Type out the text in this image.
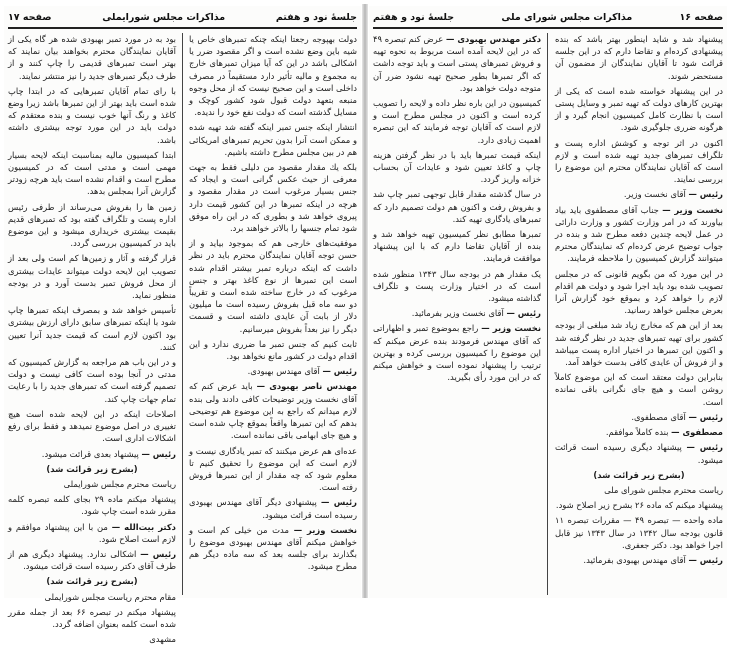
جلسهٔ نود و هفتم
مذاکرات مجلس شورایملی
صفحه ۱۷

دولت بهپوجه رجعتا اینکه چنکه تمبرهای خاص یا شیه باین وضع نشده است و اگر مقصود ضرر یا اشکالی باشد در این که آیا میزان تمبرهای خارج به مجموع و مالیه تأثیر دارد مستقیماً در مصرف داخلی است و این صحیح نیست که از محل وجوه منبعه بتعهد دولت قبول شود کشور کوچک و مسایل گذشته است که دولت نفع خود را ندیده.

انتشار اینکه جنس تمبر اینکه گفته شد تهیه شده و ممکن است آنرا بدون تحریم تمبرهای امریکائی هم در بین مجلس مطرح داشته باشیم.

بلکه یك مقدار مقصود من دلیلی فقط به جهت معرفی از حیث عکس گرانی است و ایجاد که جنس بسیار مرغوب است در مقدار مقصود و هرچه در اینکه تمبرها در این کشور قیمت دارد پیروی خواهد شد و بطوری که در این راه موفق شود تمام جنسها را بالاتر خواهند برد.

موفقیت‌های خارجی هم که بموجود بیاید و از حسن توجه آقایان نمایندگان محترم باید در نظر داشت که اینکه درباره تمبر بیشتر اقدام شده است این تمبرها از نوع کاغذ بهتر و جنس مرغوب که در خارج ساخته شده است و تقریباً دو سه ماه قبل بفروش رسیده است ما میلیون دلار از بابت آن عایدی داشته است و قسمت دیگر را نیز بعداً بفروش میرسانیم.

ثابت کنیم که جنس تمبر ما ضرری ندارد و این اقدام دولت در کشور مانع نخواهد بود.

رئیس — آقای مهندس بهبودی.

مهندس ناصر بهبودی — باید عرض کنم که آقای نخست وزیر توضیحات کافی دادند ولی بنده لازم میدانم که راجع به این موضوع هم توضیحی بدهم که این تمبرها واقعاً بموقع چاپ شده است و هیچ جای ابهامی باقی نمانده است.

عده‌ای هم عرض میکنند که تمبر یادگاری نیست و لازم است که این موضوع را تحقیق کنیم تا معلوم شود که چه مقدار از این تمبرها فروش رفته است.

رئیس — پیشنهادی دیگر آقای مهندس بهبودی رسیده است قرائت میشود.

نخست وزیر — مدت من خیلی کم است و خواهش میکنم آقای مهندس بهبودی موضوع را بگذارند برای جلسه بعد که سه ماده دیگر هم مطرح میشود.

بود به در مورد تمبر بهبودی شده هر گاه یکی از آقایان نمایندگان محترم بخواهند بیان نمایند که بهتر است تمبرهای قدیمی را چاپ کنند و از طرف دیگر تمبرهای جدید را نیز منتشر نمایند.

با رای تمام آقایان تمبرهایی که در ابتدا چاپ شده است باید بهتر از این تمبرها باشد زیرا وضع کاغذ و رنگ آنها خوب نیست و بنده معتقدم که دولت باید در این مورد توجه بیشتری داشته باشد.

ابتدا کمیسیون مالیه بمناسبت اینکه لایحه بسیار مهمی است و مدتی است که در کمیسیون مطرح است و اقدام نشده است باید هرچه زودتر گزارش آنرا بمجلس بدهد.

زمین ها را بفروش می‌رساند از طرفی رئیس اداره پست و تلگراف گفته بود که تمبرهای قدیم بقیمت بیشتری خریداری میشود و این موضوع باید در کمیسیون بررسی گردد.

قرار گرفته و آثار و زمین‌ها کم است ولی بعد از تصویب این لایحه دولت میتواند عایدات بیشتری از محل فروش تمبر بدست آورد و در بودجه منظور نماید.

تأسیس خواهد شد و بمصرف اینکه تمبرها چاپ شود با اینکه تمبرهای سابق دارای ارزش بیشتری بود اکنون لازم است که قیمت جدید آنرا تعیین کنند.

و در این باب هم مراجعه به گزارش کمیسیون که مدتی در آنجا بوده است کافی نیست و دولت تصمیم گرفته است که تمبرهای جدید را با رعایت تمام جهات چاپ کند.

اصلاحات اینکه در این لایحه شده است هیچ تغییری در اصل موضوع نمیدهد و فقط برای رفع اشکالات اداری است.

رئیس — پیشنهاد بعدی قرائت میشود.

(بشرح زیر قرائت شد)

ریاست محترم مجلس شورایملی

پیشنهاد میکنم ماده ۲۹ بجای کلمه تبصره کلمه مقرر شده است چاپ شود.

دکتر بیت‌الله — من با این پیشنهاد موافقم و لازم است اصلاح شود.

رئیس — اشکالی ندارد. پیشنهاد دیگری هم از طرف آقای دکتر رسیده است قرائت میشود.

(بشرح زیر قرائت شد)

مقام محترم ریاست مجلس شورایملی

پیشنهاد میکنم در تبصره ۶۶ بعد از جمله مقرر شده است کلمه بعنوان اضافه گردد.

مشهدی

صفحه ۱۶
مذاکرات مجلس شورای ملی
جلسهٔ نود و هفتم

پیشنهاد شد و شاید اینطور بهتر باشد که بنده پیشنهادی کرده‌ام و تقاضا دارم که در این جلسه قرائت شود تا آقایان نمایندگان از مضمون آن مستحضر شوند.

در این پیشنهاد خواسته شده است که یکی از بهترین کارهای دولت که تهیه تمبر و وسایل پستی است با نظارت کامل کمیسیون انجام گیرد و از هرگونه ضرری جلوگیری شود.

اکنون در اثر توجه و کوشش اداره پست و تلگراف تمبرهای جدید تهیه شده است و لازم است که آقایان نمایندگان محترم این موضوع را بررسی نمایند.

رئیس — آقای نخست وزیر.

نخست وزیر — جناب آقای مصطفوی باید بیاد بیاورند که در امر وزارت کشور و وزارت دارائی در عمل لایحه چندین دفعه مطرح شد و بنده در جواب توضیح عرض کرده‌ام که نمایندگان محترم میتوانند گزارش کمیسیون را ملاحظه فرمایند.

در این مورد که من بگویم قانونی که در مجلس تصویب شده بود باید اجرا شود و دولت هم اقدام لازم را خواهد کرد و بموقع خود گزارش آنرا بعرض مجلس خواهد رسانید.

بعد از این هم که مخارج زیاد شد مبلغی از بودجه کشور برای تهیه تمبرهای جدید در نظر گرفته شد و اکنون این تمبرها در اختیار اداره پست میباشد و از فروش آن عایدی کافی بدست خواهد آمد.

بنابراین دولت معتقد است که این موضوع کاملاً روشن است و هیچ جای نگرانی باقی نمانده است.

رئیس — آقای مصطفوی.

مصطفوی — بنده کاملاً موافقم.

رئیس — پیشنهاد دیگری رسیده است قرائت میشود.

(بشرح زیر قرائت شد)

ریاست محترم مجلس شورای ملی

پیشنهاد میکنم که ماده ۲۶ بشرح زیر اصلاح شود.

ماده واحده — تبصره ۴۹ — مقررات تبصره ۱۱ قانون بودجه سال ۱۳۴۲ در سال ۱۳۴۳ نیز قابل اجرا خواهد بود. دکتر جعفری.

رئیس — آقای مهندس بهبودی بفرمائید.

دکتر مهندس بهبودی — عرض کنم تبصره ۴۹ که در این لایحه آمده است مربوط به نحوه تهیه و فروش تمبرهای پستی است و باید توجه داشت که اگر تمبرها بطور صحیح تهیه نشود ضرر آن متوجه دولت خواهد بود.

کمیسیون در این باره نظر داده و لایحه را تصویب کرده است و اکنون در مجلس مطرح است و لازم است که آقایان توجه فرمایند که این تبصره اهمیت زیادی دارد.

اینکه قیمت تمبرها باید با در نظر گرفتن هزینه چاپ و کاغذ تعیین شود و عایدات آن بحساب خزانه واریز گردد.

در سال گذشته مقدار قابل توجهی تمبر چاپ شد و بفروش رفت و اکنون هم دولت تصمیم دارد که تمبرهای یادگاری تهیه کند.

تمبرها مطابق نظر کمیسیون تهیه خواهد شد و بنده از آقایان تقاضا دارم که با این پیشنهاد موافقت فرمایند.

یک مقدار هم در بودجه سال ۱۳۴۳ منظور شده است که در اختیار وزارت پست و تلگراف گذاشته میشود.

رئیس — آقای نخست وزیر بفرمائید.

نخست وزیر — راجع بموضوع تمبر و اظهاراتی که آقای مهندس فرمودند بنده عرض میکنم که این موضوع را کمیسیون بررسی کرده و بهترین ترتیب را پیشنهاد نموده است و خواهش میکنم که در این مورد رأی بگیرید.
